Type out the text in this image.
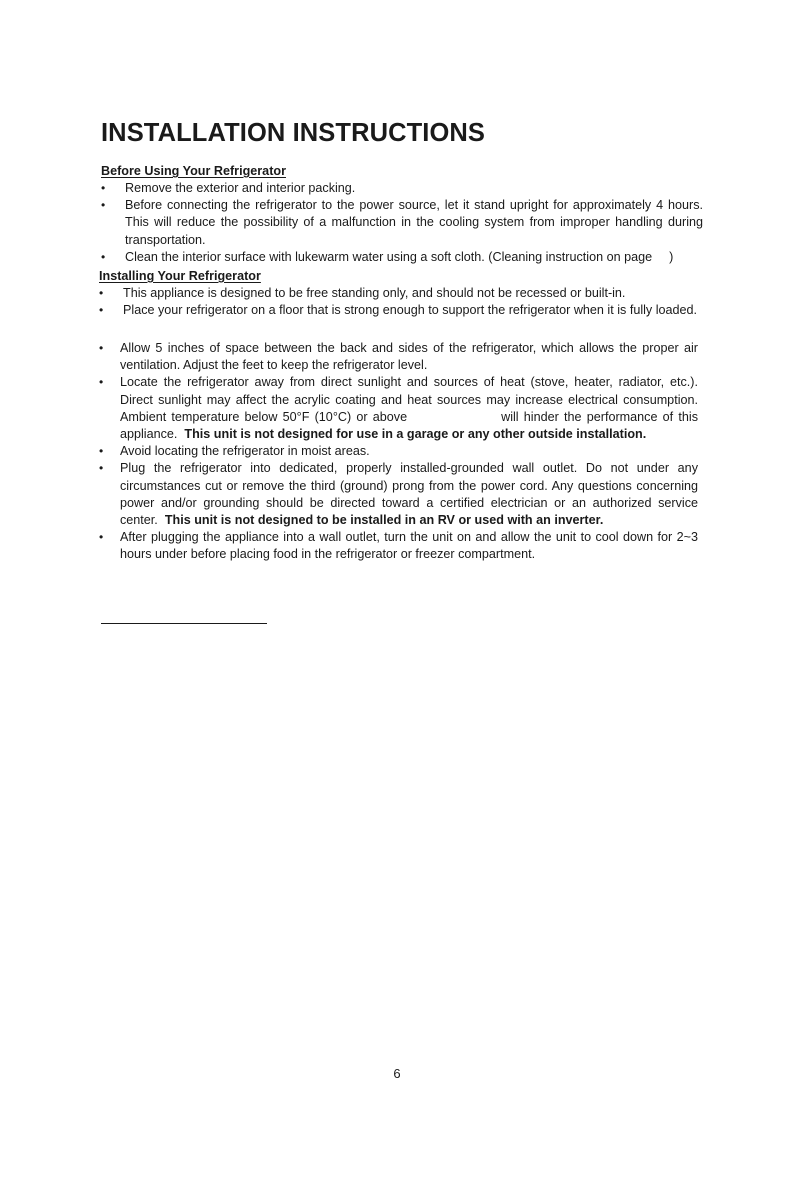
INSTALLATION INSTRUCTIONS
Before Using Your Refrigerator
• Remove the exterior and interior packing.
• Before connecting the refrigerator to the power source, let it stand upright for approximately 4 hours. This will reduce the possibility of a malfunction in the cooling system from improper handling during transportation.
• Clean the interior surface with lukewarm water using a soft cloth. (Cleaning instruction on page )
Installing Your Refrigerator
• This appliance is designed to be free standing only, and should not be recessed or built-in.
• Place your refrigerator on a floor that is strong enough to support the refrigerator when it is fully loaded.
• Allow 5 inches of space between the back and sides of the refrigerator, which allows the proper air ventilation. Adjust the feet to keep the refrigerator level.
• Locate the refrigerator away from direct sunlight and sources of heat (stove, heater, radiator, etc.). Direct sunlight may affect the acrylic coating and heat sources may increase electrical consumption. Ambient temperature below 50°F (10°C) or above	will hinder the performance of this appliance. This unit is not designed for use in a garage or any other outside installation.
• Avoid locating the refrigerator in moist areas.
• Plug the refrigerator into dedicated, properly installed-grounded wall outlet. Do not under any circumstances cut or remove the third (ground) prong from the power cord. Any questions concerning power and/or grounding should be directed toward a certified electrician or an authorized service center. This unit is not designed to be installed in an RV or used with an inverter.
• After plugging the appliance into a wall outlet, turn the unit on and allow the unit to cool down for 2~3 hours under before placing food in the refrigerator or freezer compartment.
6
